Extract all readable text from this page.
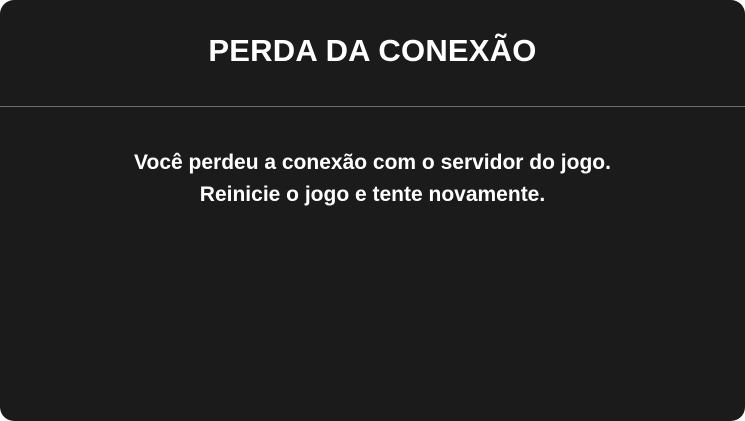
PERDA DA CONEXÃO

Você perdeu a conexão com o servidor do jogo.
Reinicie o jogo e tente novamente.
